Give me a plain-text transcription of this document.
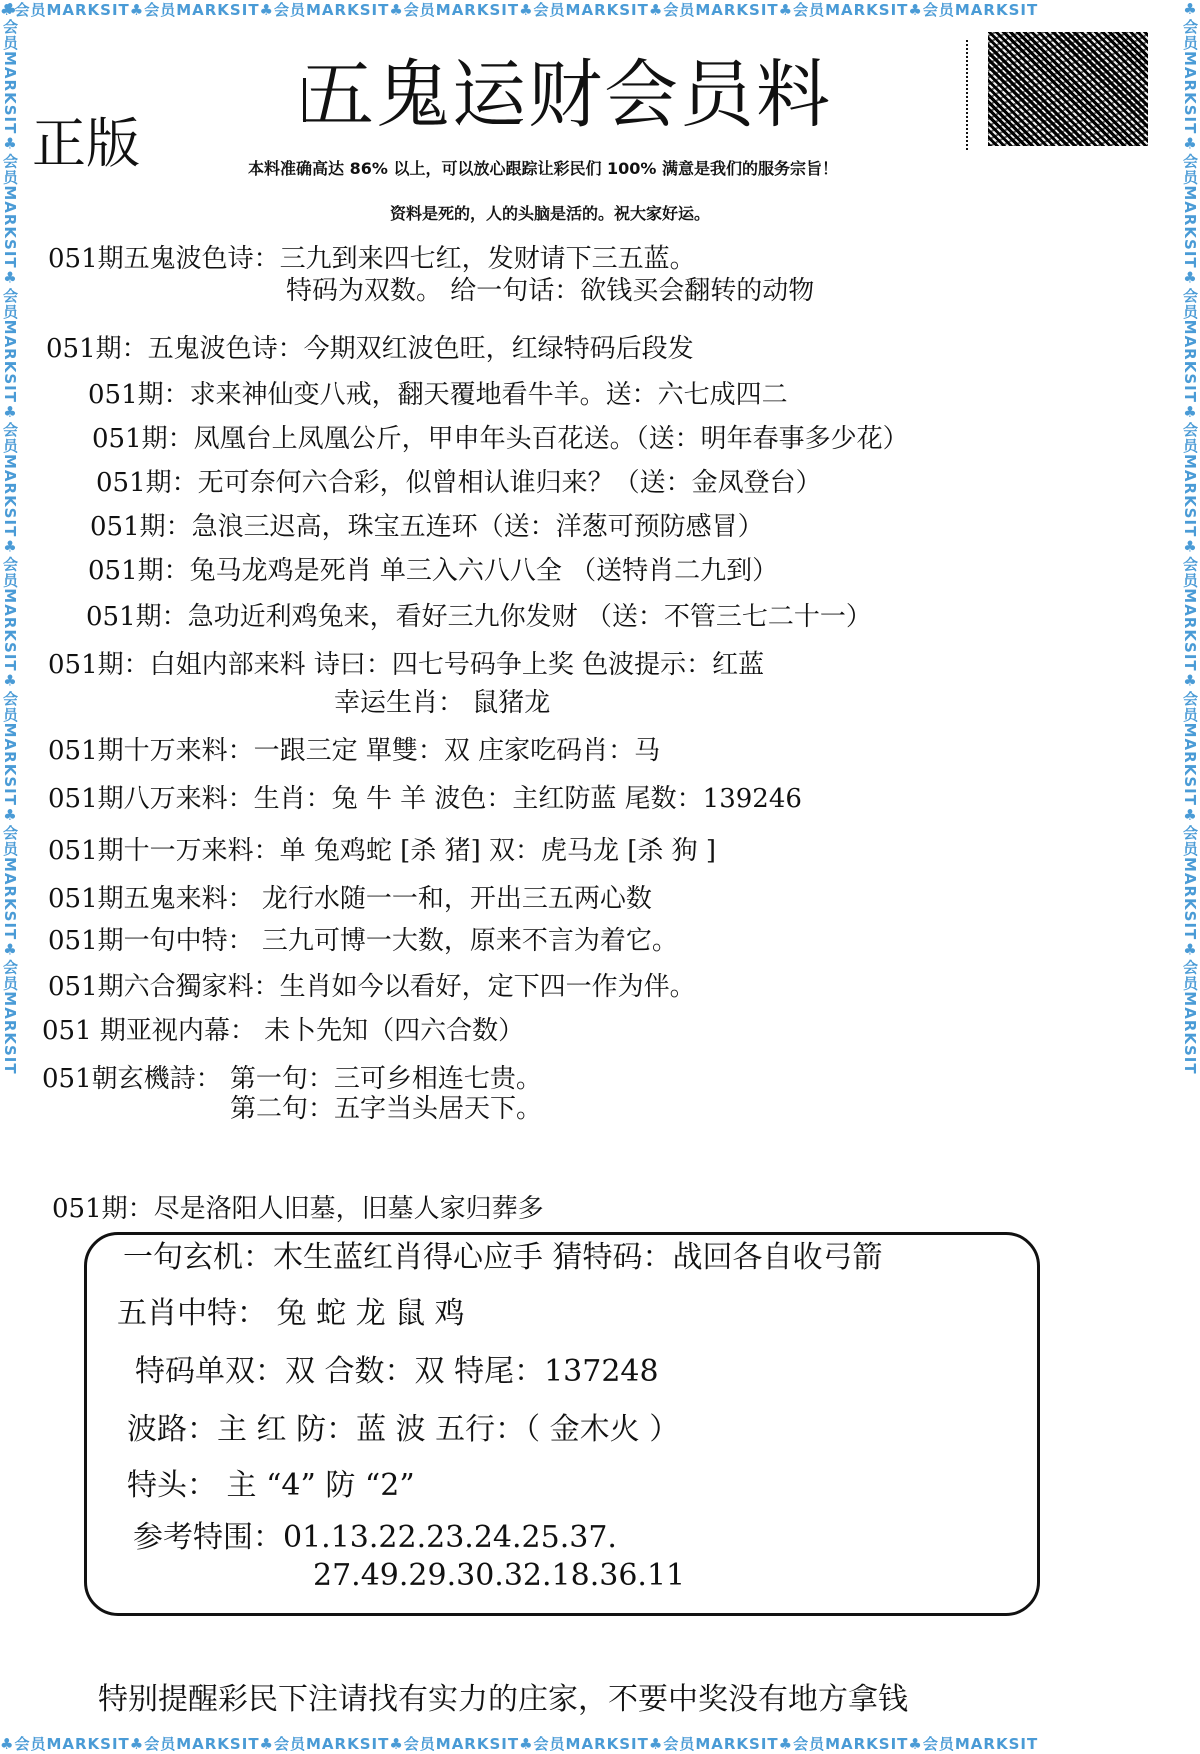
♣会员MARKSIT♣会员MARKSIT♣会员MARKSIT♣会员MARKSIT♣会员MARKSIT♣会员MARKSIT♣会员MARKSIT♣会员MARKSIT
♣会员MARKSIT♣会员MARKSIT♣会员MARKSIT♣会员MARKSIT♣会员MARKSIT♣会员MARKSIT♣会员MARKSIT♣会员MARKSIT
♣会员MARKSIT♣会员MARKSIT♣会员MARKSIT♣会员MARKSIT♣会员MARKSIT♣会员MARKSIT♣会员MARKSIT♣会员MARKSIT	♣会员MARKSIT♣会员MARKSIT♣会员MARKSIT♣会员MARKSIT♣会员MARKSIT♣会员MARKSIT♣会员MARKSIT♣会员MARKSIT
五鬼运财会员料
正版	本料准确高达 86% 以上，可以放心跟踪让彩民们 100% 满意是我们的服务宗旨！
资料是死的，人的头脑是活的。祝大家好运。
051期五鬼波色诗：三九到来四七红，发财请下三五蓝。
特码为双数。 给一句话：欲钱买会翻转的动物
051期：五鬼波色诗：今期双红波色旺，红绿特码后段发
051期：求来神仙变八戒，翻天覆地看牛羊。送：六七成四二
051期：凤凰台上凤凰公斤，甲申年头百花送。（送：明年春事多少花）
051期：无可奈何六合彩，似曾相认谁归来？（送：金凤登台）
051期：急浪三迟高，珠宝五连环（送：洋葱可预防感冒）
051期：兔马龙鸡是死肖 单三入六八八全 （送特肖二九到）
051期：急功近利鸡兔来，看好三九你发财 （送：不管三七二十一）
051期：白姐内部来料 诗曰：四七号码争上奖 色波提示：红蓝
幸运生肖： 鼠猪龙
051期十万来料：一跟三定 單雙：双 庄家吃码肖：马
051期八万来料：生肖：兔 牛 羊 波色：主红防蓝 尾数：139246
051期十一万来料：单 兔鸡蛇 [杀 猪] 双：虎马龙 [杀 狗 ]
051期五鬼来料： 龙行水随一一和，开出三五两心数
051期一句中特： 三九可博一大数，原来不言为着它。
051期六合獨家料：生肖如今以看好，定下四一作为伴。
051 期亚视内幕： 未卜先知（四六合数）
051朝玄機詩： 第一句：三可乡相连七贵。
第二句：五字当头居天下。
051期：尽是洛阳人旧墓，旧墓人家归葬多
一句玄机：木生蓝红肖得心应手 猜特码：战回各自收弓箭
五肖中特： 兔 蛇 龙 鼠 鸡
特码单双：双 合数：双 特尾：137248
波路：主 红 防：蓝 波 五行：（ 金木火 ）
特头： 主 “4” 防 “2”
参考特围：01.13.22.23.24.25.37.
27.49.29.30.32.18.36.11
特别提醒彩民下注请找有实力的庄家，不要中奖没有地方拿钱
